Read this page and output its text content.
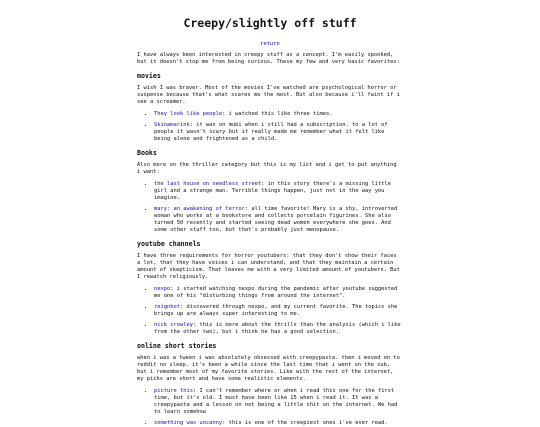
Creepy/slightly off stuff
return

I have always been interested in creepy stuff as a concept. I'm easily spooked, but it doesn't stop me from being curious. These my few and very basic favorites:

movies

I wish I was braver. Most of the movies I've watched are psychological horror or suspense because that's what scares me the most. But also because i'll faint if i see a screamer.

• They look like people: i watched this like three times.
• Skinamarink: it was on mubi when i still had a subscription. to a lot of people it wasn't scary but it really made me remember what it felt like being alone and frightened as a child.
Books

Also more on the thriller category but this is my list and i get to put anything i want:

• the last house on needless street: in this story there's a missing little girl and a strange man. Terrible things happen, just not in the way you imagine.
• mary: an awakening of terror: all time favorite! Mary is a shy, introverted woman who works at a bookstore and collects porcelain figurines. She also turned 50 recently and started seeing dead women everywhere she goes. And some other stuff too, but that's probably just menopause.
youtube channels

I have three requirements for horror youtubers: that they don't show their faces a lot, that they have voices i can understand, and that they maintain a certain amount of skepticism. That leaves me with a very limited amount of youtubers. But I rewatch religiously.

• nexpo: i started watching nexpo during the pandemic after youtube suggested me one of his "disturbing things from around the internet".
• reignbot: discovered through nexpo, and my current favorite. The topics she brings up are always super interesting to me.
• nick crowley: this is more about the thrills than the analysis (which i like from the other two), but i think he has a good selection.
online short stories

when i was a tween i was absolutely obsessed with creepypasta. then i moved on to reddit no sleep. it's been a while since the last time that i went on the sub, but i remember most of my favorite stories. Like with the rest of the internet, my picks are short and have some realistic elements.

• picture this: I can't remember where or when i read this one for the first time, but it's old. I must have been like 15 when i read it. It was a creepypasta and a lesson on not being a little shit on the internet. We had to learn somehow
• something was uncanny: this is one of the creepiest ones i've ever read.
